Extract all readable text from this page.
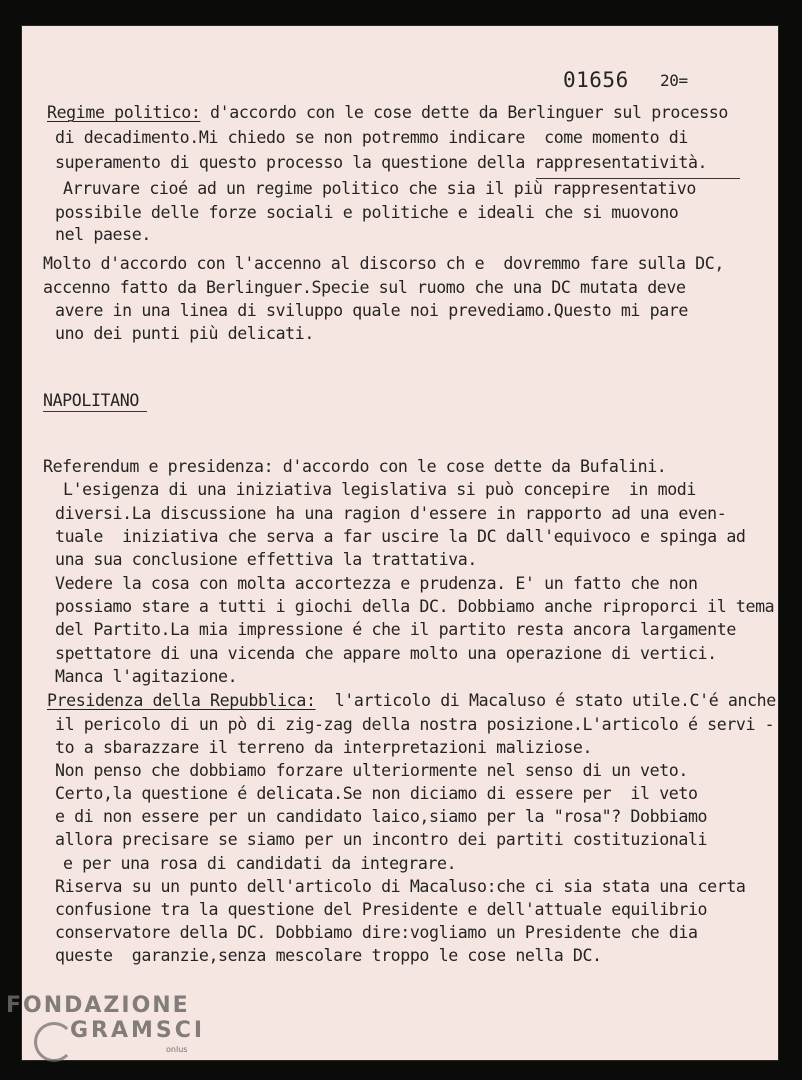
01656 20=
Regime politico: d'accordo con le cose dette da Berlinguer sul processo
di decadimento.Mi chiedo se non potremmo indicare  come momento di
superamento di questo processo la questione della rappresentatività.
Arruvare cioé ad un regime politico che sia il più rappresentativo
possibile delle forze sociali e politiche e ideali che si muovono
nel paese.
Molto d'accordo con l'accenno al discorso ch e  dovremmo fare sulla DC,
accenno fatto da Berlinguer.Specie sul ruomo che una DC mutata deve
avere in una linea di sviluppo quale noi prevediamo.Questo mi pare
uno dei punti più delicati.
NAPOLITANO
Referendum e presidenza: d'accordo con le cose dette da Bufalini.
L'esigenza di una iniziativa legislativa si può concepire  in modi
diversi.La discussione ha una ragion d'essere in rapporto ad una even-
tuale  iniziativa che serva a far uscire la DC dall'equivoco e spinga ad
una sua conclusione effettiva la trattativa.
Vedere la cosa con molta accortezza e prudenza. E' un fatto che non
possiamo stare a tutti i giochi della DC. Dobbiamo anche riproporci il tema
del Partito.La mia impressione é che il partito resta ancora largamente
spettatore di una vicenda che appare molto una operazione di vertici.
Manca l'agitazione.
Presidenza della Repubblica:  l'articolo di Macaluso é stato utile.C'é anche
il pericolo di un pò di zig-zag della nostra posizione.L'articolo é servi -
to a sbarazzare il terreno da interpretazioni maliziose.
Non penso che dobbiamo forzare ulteriormente nel senso di un veto.
Certo,la questione é delicata.Se non diciamo di essere per  il veto
e di non essere per un candidato laico,siamo per la "rosa"? Dobbiamo
allora precisare se siamo per un incontro dei partiti costituzionali
e per una rosa di candidati da integrare.
Riserva su un punto dell'articolo di Macaluso:che ci sia stata una certa
confusione tra la questione del Presidente e dell'attuale equilibrio
conservatore della DC. Dobbiamo dire:vogliamo un Presidente che dia
queste  garanzie,senza mescolare troppo le cose nella DC.
FONDAZIONE
GRAMSCI
onlus
